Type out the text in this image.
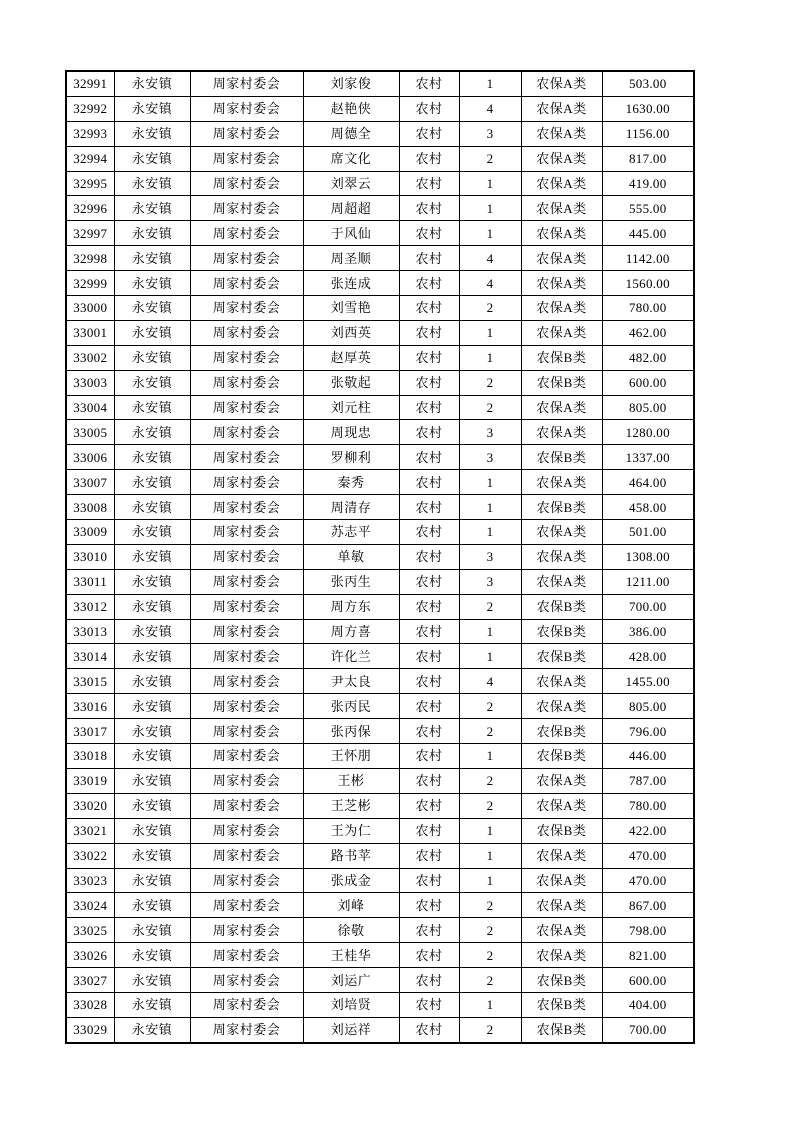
32991	永安镇	周家村委会	刘家俊	农村	1	农保A类	503.00
32992	永安镇	周家村委会	赵艳侠	农村	4	农保A类	1630.00
32993	永安镇	周家村委会	周德全	农村	3	农保A类	1156.00
32994	永安镇	周家村委会	席文化	农村	2	农保A类	817.00
32995	永安镇	周家村委会	刘翠云	农村	1	农保A类	419.00
32996	永安镇	周家村委会	周超超	农村	1	农保A类	555.00
32997	永安镇	周家村委会	于风仙	农村	1	农保A类	445.00
32998	永安镇	周家村委会	周圣顺	农村	4	农保A类	1142.00
32999	永安镇	周家村委会	张连成	农村	4	农保A类	1560.00
33000	永安镇	周家村委会	刘雪艳	农村	2	农保A类	780.00
33001	永安镇	周家村委会	刘西英	农村	1	农保A类	462.00
33002	永安镇	周家村委会	赵厚英	农村	1	农保B类	482.00
33003	永安镇	周家村委会	张敬起	农村	2	农保B类	600.00
33004	永安镇	周家村委会	刘元柱	农村	2	农保A类	805.00
33005	永安镇	周家村委会	周现忠	农村	3	农保A类	1280.00
33006	永安镇	周家村委会	罗柳利	农村	3	农保B类	1337.00
33007	永安镇	周家村委会	秦秀	农村	1	农保A类	464.00
33008	永安镇	周家村委会	周清存	农村	1	农保B类	458.00
33009	永安镇	周家村委会	苏志平	农村	1	农保A类	501.00
33010	永安镇	周家村委会	单敏	农村	3	农保A类	1308.00
33011	永安镇	周家村委会	张丙生	农村	3	农保A类	1211.00
33012	永安镇	周家村委会	周方东	农村	2	农保B类	700.00
33013	永安镇	周家村委会	周方喜	农村	1	农保B类	386.00
33014	永安镇	周家村委会	许化兰	农村	1	农保B类	428.00
33015	永安镇	周家村委会	尹太良	农村	4	农保A类	1455.00
33016	永安镇	周家村委会	张丙民	农村	2	农保A类	805.00
33017	永安镇	周家村委会	张丙保	农村	2	农保B类	796.00
33018	永安镇	周家村委会	王怀朋	农村	1	农保B类	446.00
33019	永安镇	周家村委会	王彬	农村	2	农保A类	787.00
33020	永安镇	周家村委会	王芝彬	农村	2	农保A类	780.00
33021	永安镇	周家村委会	王为仁	农村	1	农保B类	422.00
33022	永安镇	周家村委会	路书苹	农村	1	农保A类	470.00
33023	永安镇	周家村委会	张成金	农村	1	农保A类	470.00
33024	永安镇	周家村委会	刘峰	农村	2	农保A类	867.00
33025	永安镇	周家村委会	徐敬	农村	2	农保A类	798.00
33026	永安镇	周家村委会	王桂华	农村	2	农保A类	821.00
33027	永安镇	周家村委会	刘运广	农村	2	农保B类	600.00
33028	永安镇	周家村委会	刘培贤	农村	1	农保B类	404.00
33029	永安镇	周家村委会	刘运祥	农村	2	农保B类	700.00
